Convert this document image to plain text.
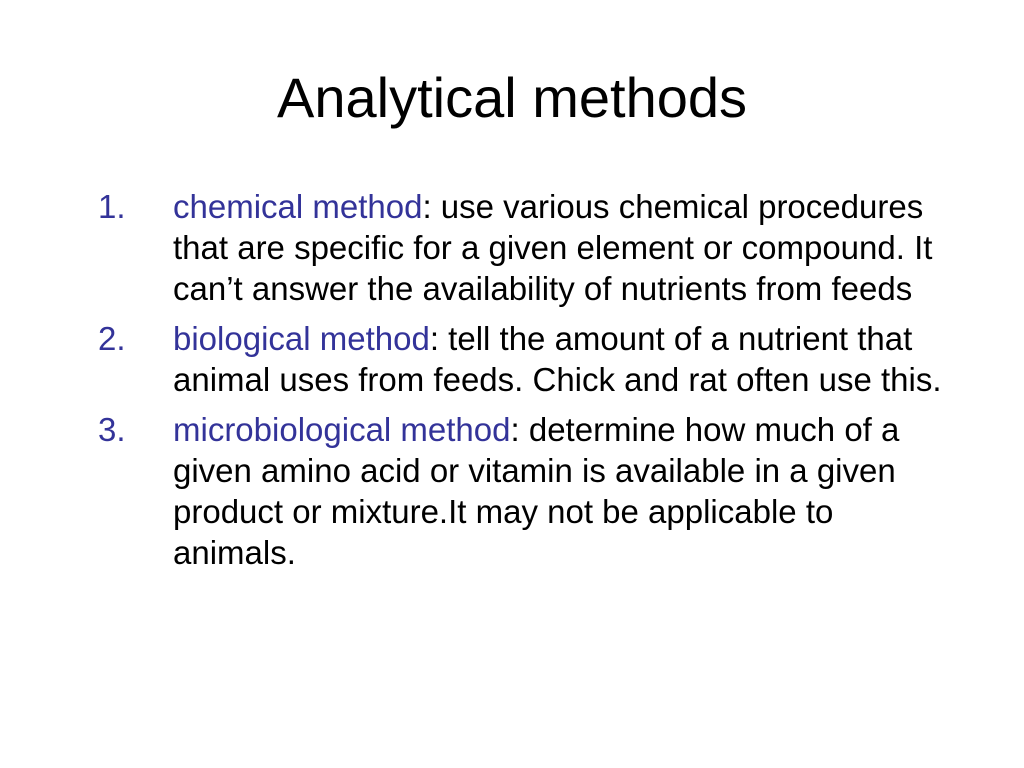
Analytical methods
1. chemical method: use various chemical procedures that are specific for a given element or compound. It can’t answer the availability of nutrients from feeds
2. biological method: tell the amount of a nutrient that animal uses from feeds. Chick and rat often use this.
3. microbiological method: determine how much of a given amino acid or vitamin is available in a given product or mixture.It may not be applicable to animals.
